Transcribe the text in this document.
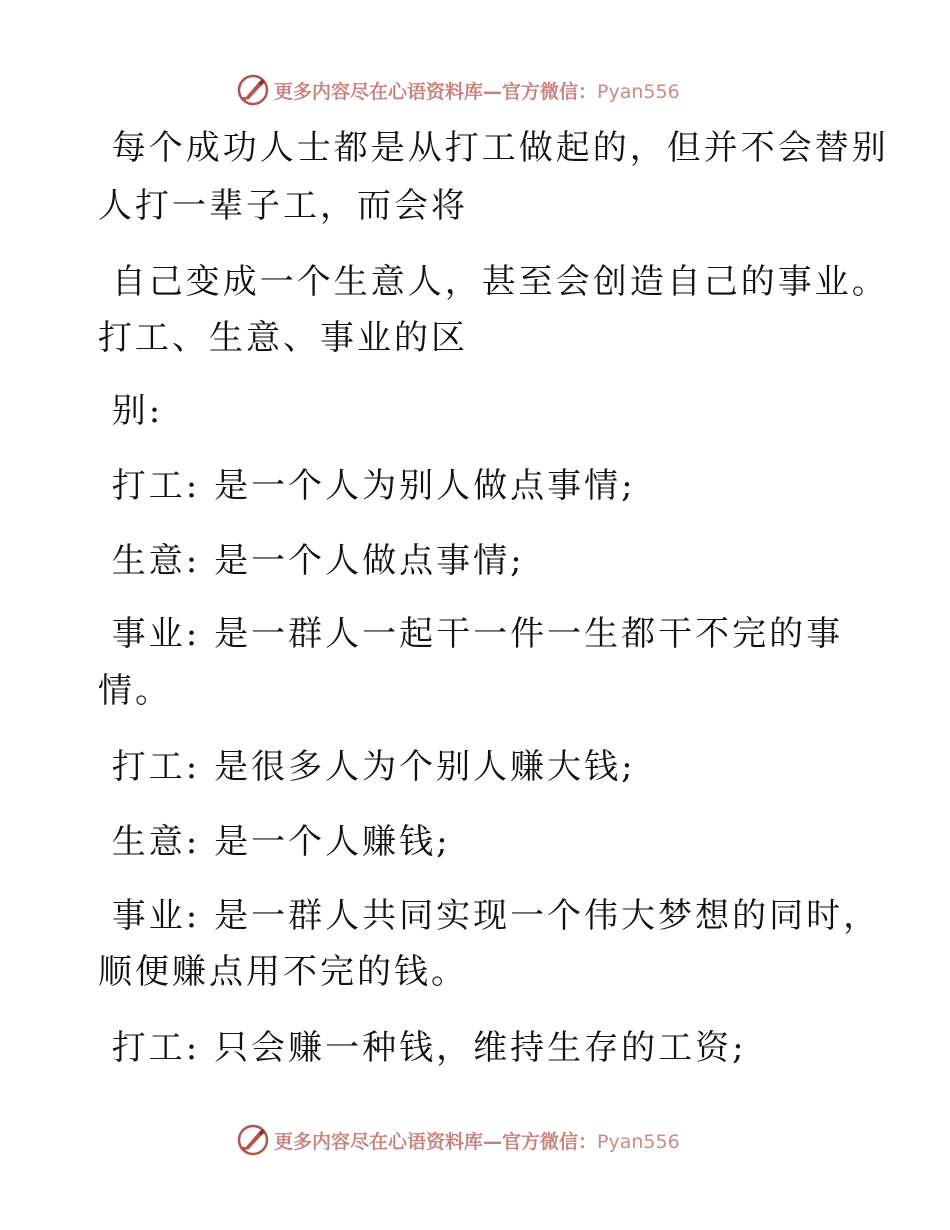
更多内容尽在心语资料库—官方微信：Pyan556
每个成功人士都是从打工做起的，但并不会替别
人打一辈子工，而会将
自己变成一个生意人，甚至会创造自己的事业。
打工、生意、事业的区
别:
打工: 是一个人为别人做点事情;
生意: 是一个人做点事情;
事业: 是一群人一起干一件一生都干不完的事
情。
打工: 是很多人为个别人赚大钱;
生意: 是一个人赚钱;
事业: 是一群人共同实现一个伟大梦想的同时，
顺便赚点用不完的钱。
打工: 只会赚一种钱，维持生存的工资;
更多内容尽在心语资料库—官方微信：Pyan556
